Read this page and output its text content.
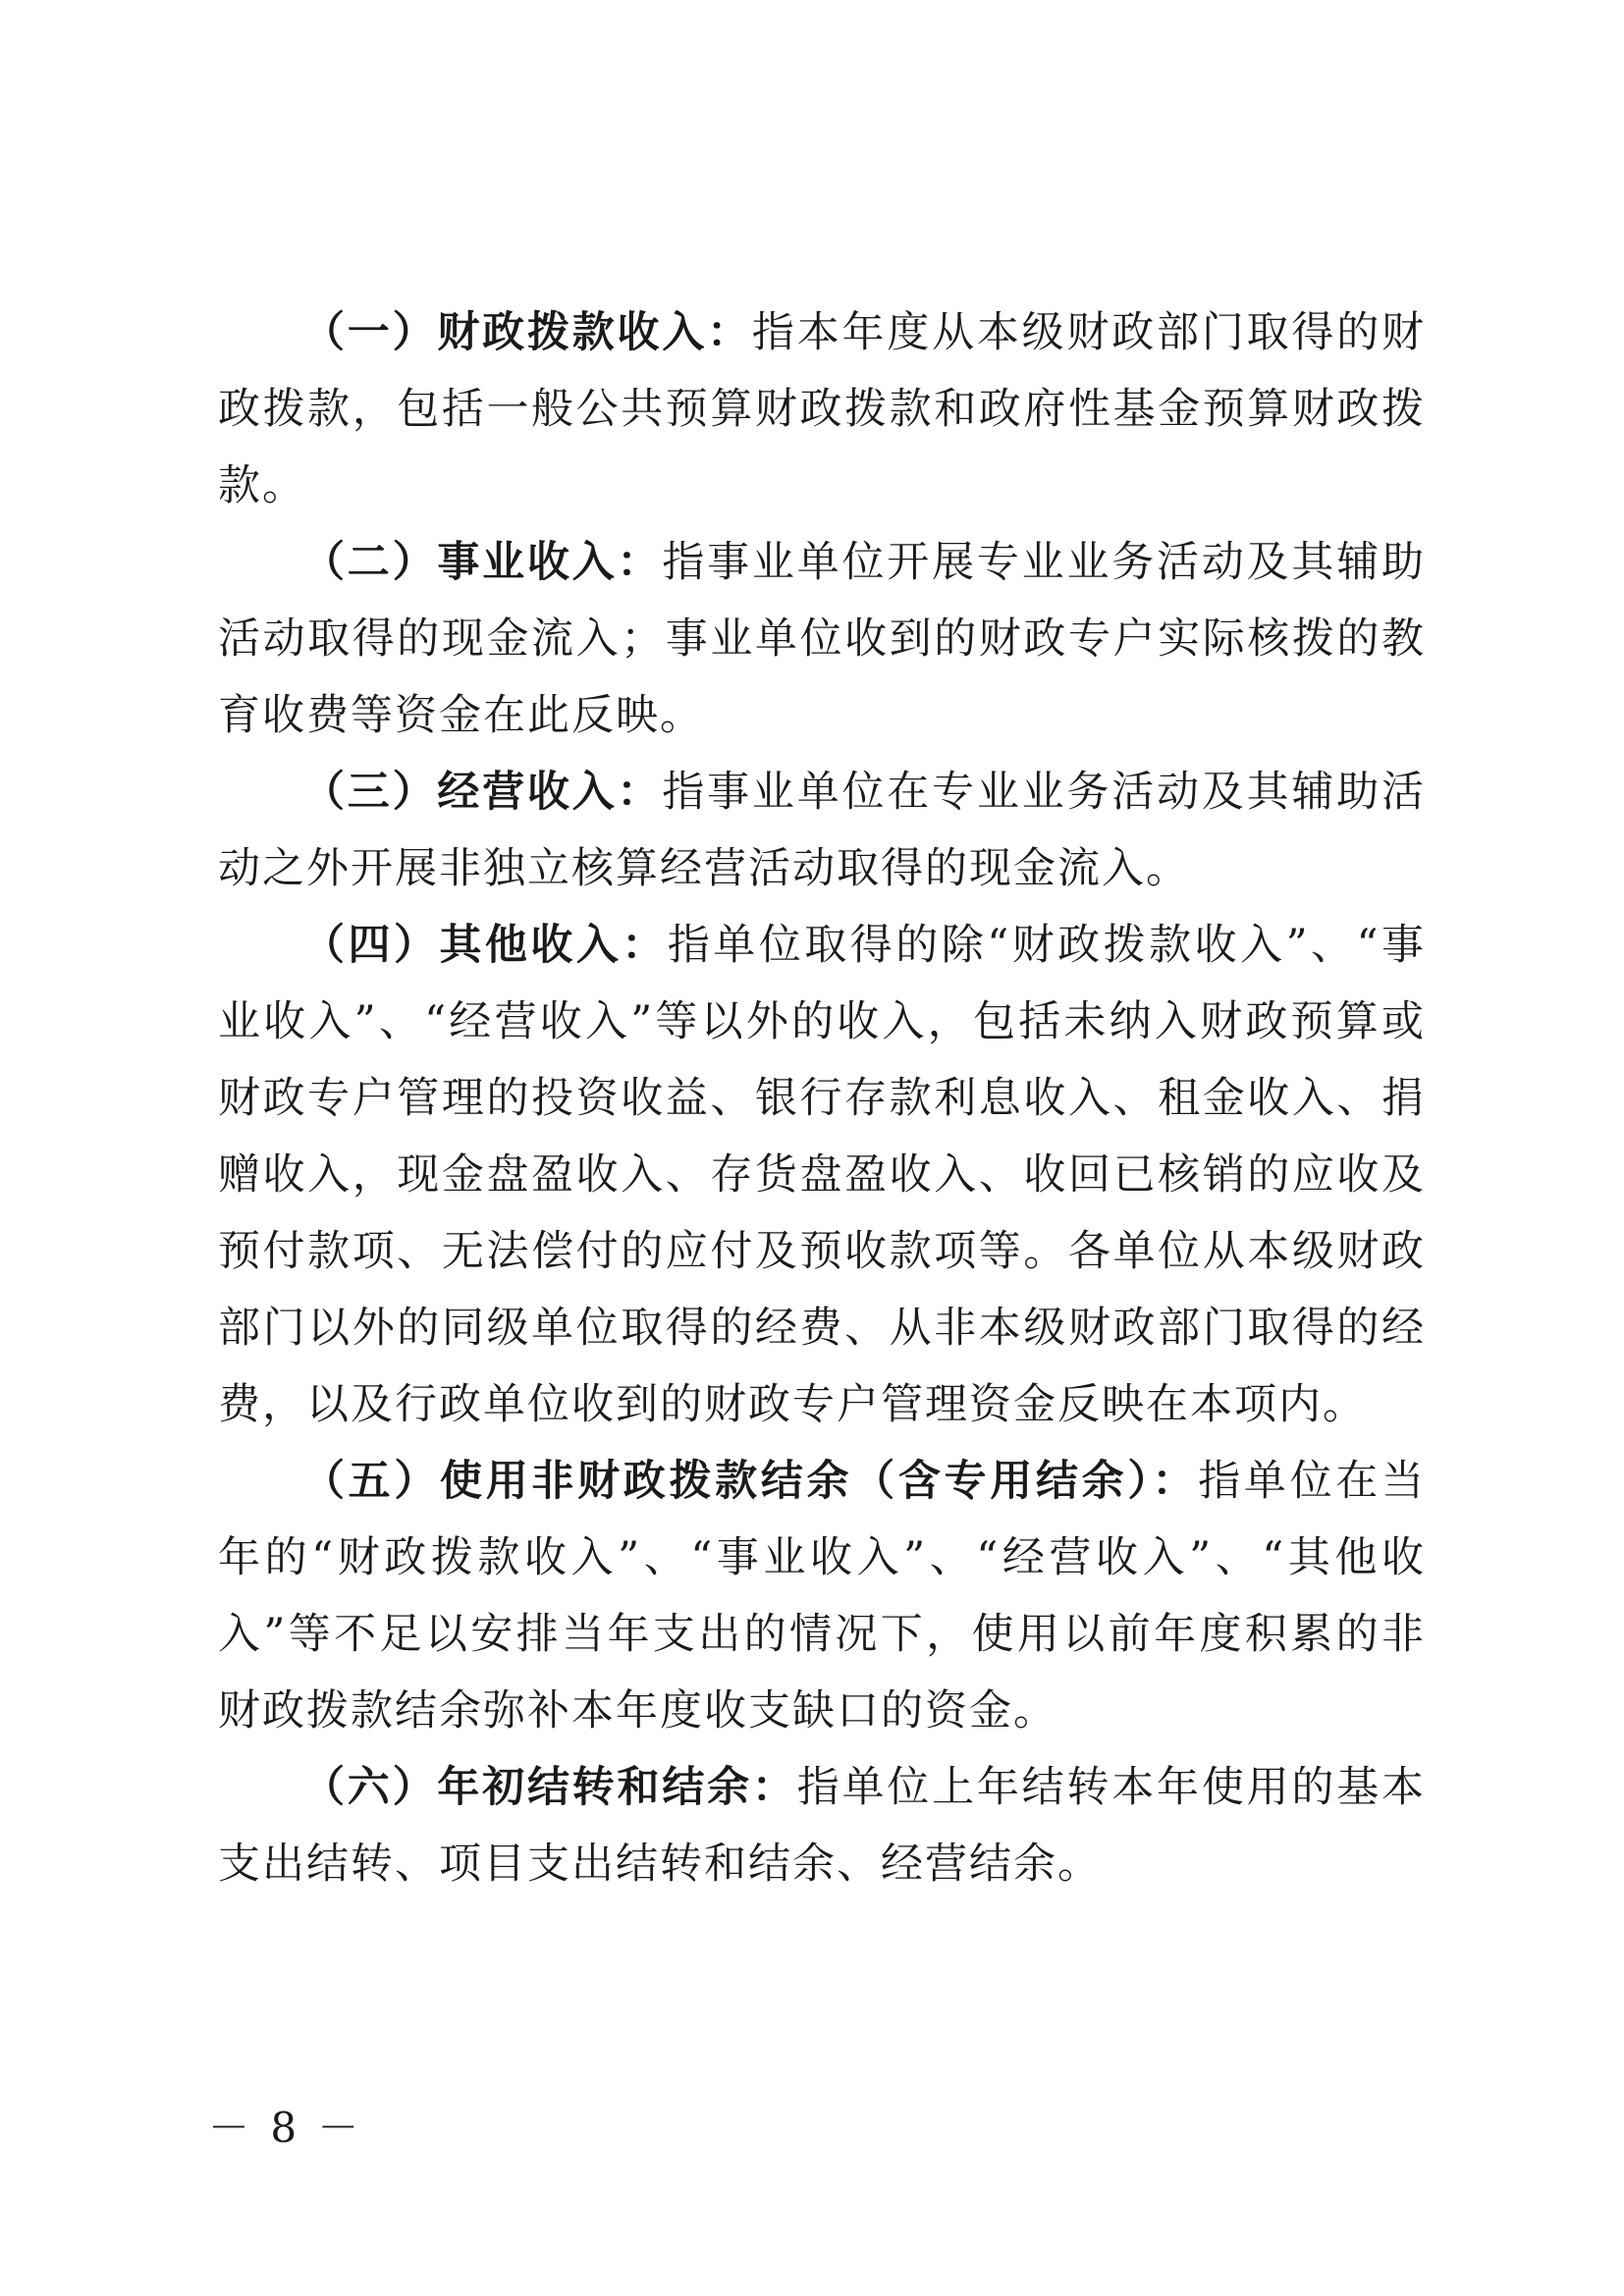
（一）财政拨款收入：指本年度从本级财政部门取得的财政拨款，包括一般公共预算财政拨款和政府性基金预算财政拨款。

（二）事业收入：指事业单位开展专业业务活动及其辅助活动取得的现金流入；事业单位收到的财政专户实际核拨的教育收费等资金在此反映。

（三）经营收入：指事业单位在专业业务活动及其辅助活动之外开展非独立核算经营活动取得的现金流入。

（四）其他收入：指单位取得的除“财政拨款收入”、“事业收入”、“经营收入”等以外的收入，包括未纳入财政预算或财政专户管理的投资收益、银行存款利息收入、租金收入、捐赠收入，现金盘盈收入、存货盘盈收入、收回已核销的应收及预付款项、无法偿付的应付及预收款项等。各单位从本级财政部门以外的同级单位取得的经费、从非本级财政部门取得的经费，以及行政单位收到的财政专户管理资金反映在本项内。

（五）使用非财政拨款结余（含专用结余）：指单位在当年的“财政拨款收入”、“事业收入”、“经营收入”、“其他收入”等不足以安排当年支出的情况下，使用以前年度积累的非财政拨款结余弥补本年度收支缺口的资金。

（六）年初结转和结余：指单位上年结转本年使用的基本支出结转、项目支出结转和结余、经营结余。

－ 8 －
